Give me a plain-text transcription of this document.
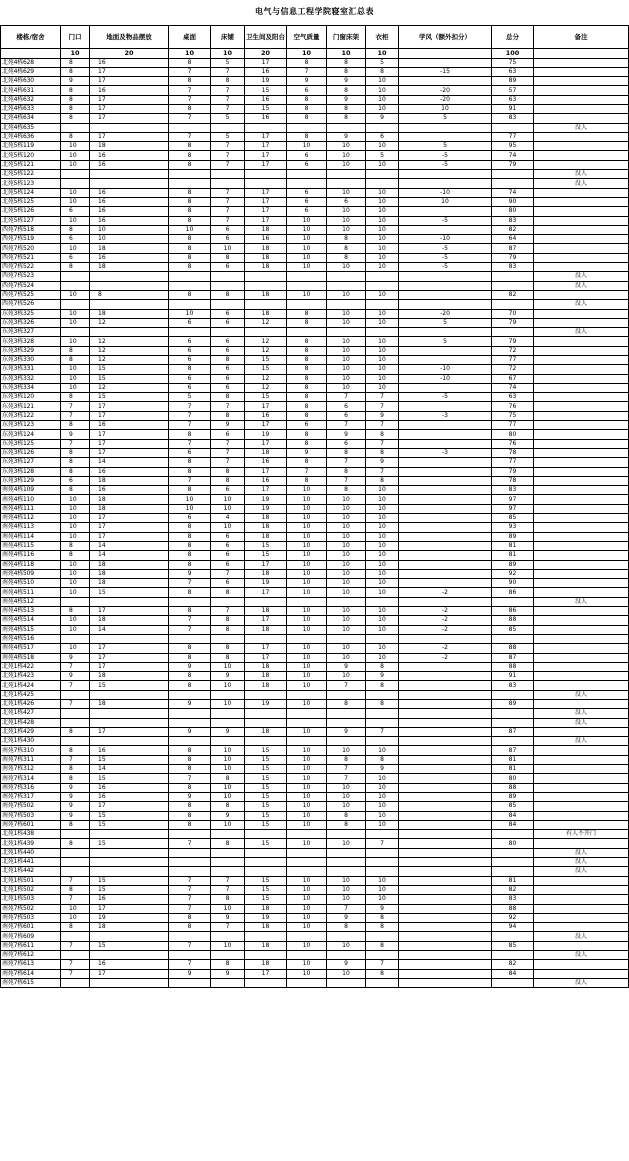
电气与信息工程学院寝室汇总表
楼栋/宿舍	门口	地面及物品摆放	桌面	床铺	卫生间及阳台	空气质量	门窗床架	衣柜	学风（额外扣分）	总分	备注
	10	20	10	10	20	10	10	10		100	
北苑4栋628	8	16	8	5	17	8	8	5		75	
北苑4栋629	8	17	7	7	16	7	8	8	-15	63	
北苑4栋630	9	17	8	8	19	9	9	10		89	
北苑4栋631	8	16	7	7	15	6	8	10	-20	57	
北苑4栋632	8	17	7	7	16	8	9	10	-20	63	
北苑4栋633	8	17	8	7	15	8	8	10	10	91	
北苑4栋634	8	17	7	5	16	8	8	9	5	83	
北苑4栋635											没人
北苑4栋636	8	17	7	5	17	8	9	6		77	
北苑5栋119	10	18	8	7	17	10	10	10	5	95	
北苑5栋120	10	16	8	7	17	6	10	5	-5	74	
北苑5栋121	10	16	8	7	17	6	10	10	-5	79	
北苑5栋122											没人
北苑5栋123											没人
北苑5栋124	10	16	8	7	17	6	10	10	-10	74	
北苑5栋125	10	16	8	7	17	6	6	10	10	90	
北苑5栋126	6	16	8	7	17	6	10	10		80	
北苑5栋127	10	16	8	7	17	10	10	10	-5	83	
西苑7栋518	8	10	10	6	18	10	10	10		82	
西苑7栋519	6	10	8	6	16	10	8	10	-10	64	
西苑7栋520	10	18	8	10	18	10	8	10	-5	87	
西苑7栋521	6	16	8	8	18	10	8	10	-5	79	
西苑7栋522	8	18	8	6	18	10	10	10	-5	83	
西苑7栋523											没人
西苑7栋524											没人
西苑7栋525	10	8	8	8	18	10	10	10		82	
西苑7栋526											没人
东苑3栋325	10	18	10	6	18	8	10	10	-20	70	
东苑3栋326	10	12	6	6	12	8	10	10	5	79	
东苑3栋327											没人
东苑3栋328	10	12	6	6	12	8	10	10	5	79	
东苑3栋329	8	12	6	6	12	8	10	10		72	
东苑3栋330	8	12	6	8	15	8	10	10		77	
东苑3栋331	10	15	8	6	15	8	10	10	-10	72	
东苑3栋332	10	15	6	6	12	8	10	10	-10	67	
东苑3栋334	10	12	6	6	12	8	10	10		74	
东苑3栋120	8	15	5	8	15	8	7	7	-5	63	
东苑3栋121	7	17	7	7	17	8	6	7		76	
东苑3栋122	7	17	7	8	16	8	6	9	-3	75	
东苑3栋123	8	16	7	9	17	6	7	7		77	
东苑3栋124	9	17	8	6	19	8	9	8		80	
东苑3栋125	7	17	7	7	17	8	6	7		76	
东苑3栋126	8	17	6	7	18	9	8	8	-3	78	
东苑3栋127	8	14	8	7	16	8	7	9		77	
东苑3栋128	8	16	8	8	17	7	8	7		79	
东苑3栋129	6	18	7	8	16	8	7	8		78	
南苑4栋109	8	16	8	6	17	10	8	10		83	
南苑4栋110	10	18	10	10	19	10	10	10		97	
南苑4栋111	10	18	10	10	19	10	10	10		97	
南苑4栋112	10	17	6	4	18	10	10	10		85	
南苑4栋113	10	17	8	10	18	10	10	10		93	
南苑4栋114	10	17	8	6	18	10	10	10		89	
南苑4栋115	8	14	8	6	15	10	10	10		81	
南苑4栋116	8	14	8	6	15	10	10	10		81	
南苑4栋118	10	18	8	6	17	10	10	10		89	
南苑4栋509	10	18	9	7	18	10	10	10		92	
南苑4栋510	10	18	7	6	19	10	10	10		90	
南苑4栋511	10	15	8	8	17	10	10	10	-2	86	
南苑4栋512											没人
南苑4栋513	8	17	8	7	18	10	10	10	-2	86	
南苑4栋514	10	18	7	8	17	10	10	10	-2	88	
南苑4栋515	10	14	7	8	18	10	10	10	-2	85	
南苑4栋516											
南苑4栋517	10	17	8	8	17	10	10	10	-2	88	
南苑4栋518	9	17	8	8	17	10	10	10	-2	87	
北苑1栋422	7	17	9	10	18	10	9	8		88	
北苑1栋423	9	18	8	9	18	10	10	9		91	
北苑1栋424	7	15	8	10	18	10	7	8		83	
北苑1栋425											没人
北苑1栋426	7	18	9	10	19	10	8	8		89	
北苑1栋427											没人
北苑1栋428											没人
北苑1栋429	8	17	9	9	18	10	9	7		87	
北苑1栋430											没人
南苑7栋310	8	16	8	10	15	10	10	10		87	
南苑7栋311	7	15	8	10	15	10	8	8		81	
南苑7栋312	8	14	8	10	15	10	7	9		81	
南苑7栋314	8	15	7	8	15	10	7	10		80	
南苑7栋316	9	16	8	10	15	10	10	10		88	
南苑7栋317	9	16	9	10	15	10	10	10		89	
南苑7栋502	9	17	8	8	15	10	10	10		85	
南苑7栋503	9	15	8	9	15	10	8	10		84	
南苑7栋601	8	15	8	10	15	10	8	10		84	
北苑1栋438											有人不开门
北苑1栋439	8	15	7	8	15	10	10	7		80	
北苑1栋440											没人
北苑1栋441											没人
北苑1栋442											没人
北苑1栋501	7	15	7	7	15	10	10	10		81	
北苑1栋502	8	15	7	7	15	10	10	10		82	
北苑1栋503	7	16	7	8	15	10	10	10		83	
南苑7栋502	10	17	7	10	18	10	7	9		88	
南苑7栋503	10	19	8	9	19	10	9	8		92	
南苑7栋601	8	18	8	7	18	10	8	8		94	
南苑7栋609											没人
南苑7栋611	7	15	7	10	18	10	10	8		85	
南苑7栋612											没人
南苑7栋613	7	16	7	8	18	10	9	7		82	
南苑7栋614	7	17	9	9	17	10	10	8		84	
南苑7栋615											没人
